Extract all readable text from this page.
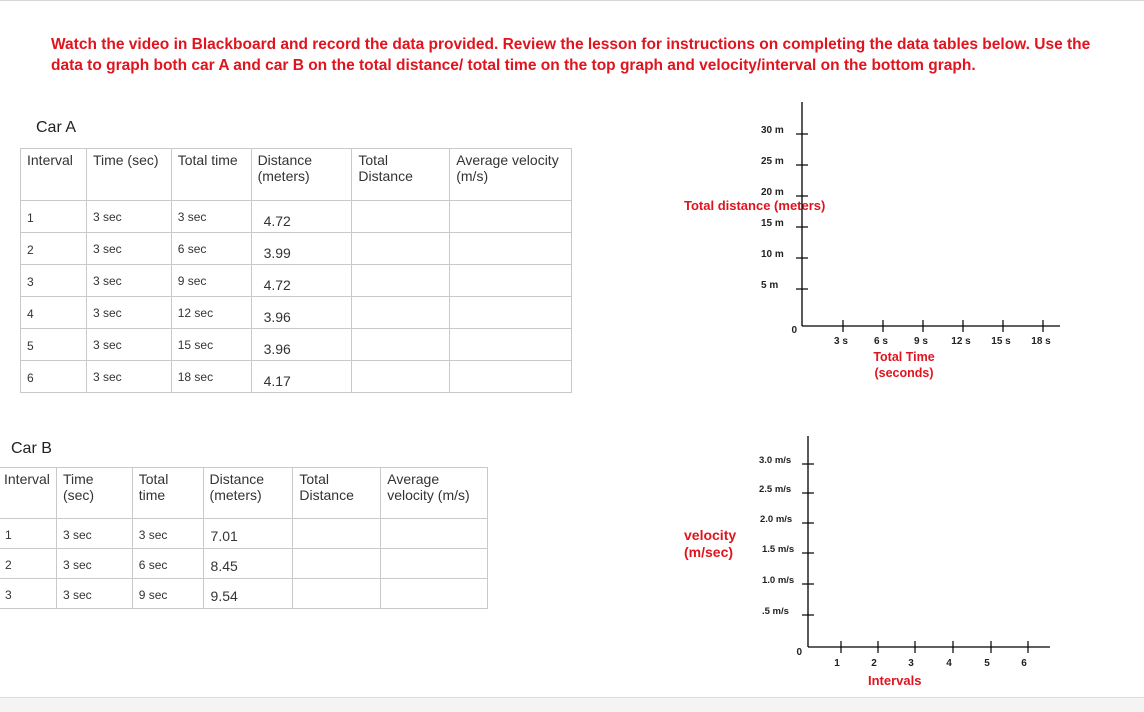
Watch the video in Blackboard and record the data provided. Review the lesson for instructions on completing the data tables below. Use the data to graph both car A and car B on the total distance/ total time on the top graph and velocity/interval on the bottom graph.
Car A
Interval	Time (sec)	Total time	Distance (meters)	Total Distance	Average velocity (m/s)

1	3 sec	3 sec	4.72		

2	3 sec	6 sec	3.99		

3	3 sec	9 sec	4.72		

4	3 sec	12 sec	3.96		

5	3 sec	15 sec	3.96		

6	3 sec	18 sec	4.17		

Car B
Interval	Time (sec)	Total time	Distance (meters)	Total Distance	Average velocity (m/s)

1	3 sec	3 sec	7.01		

2	3 sec	6 sec	8.45		

3	3 sec	9 sec	9.54		

Total distance (meters)
velocity (m/sec)
Total Time (seconds)
Intervals
0
5 m
10 m
15 m
20 m
25 m
30 m
3 s	6 s	9 s 12 s 15 s 18 s
0
.5 m/s
1.0 m/s
1.5 m/s
2.0 m/s
2.5 m/s
3.0 m/s
1	2	3	4	5	6
